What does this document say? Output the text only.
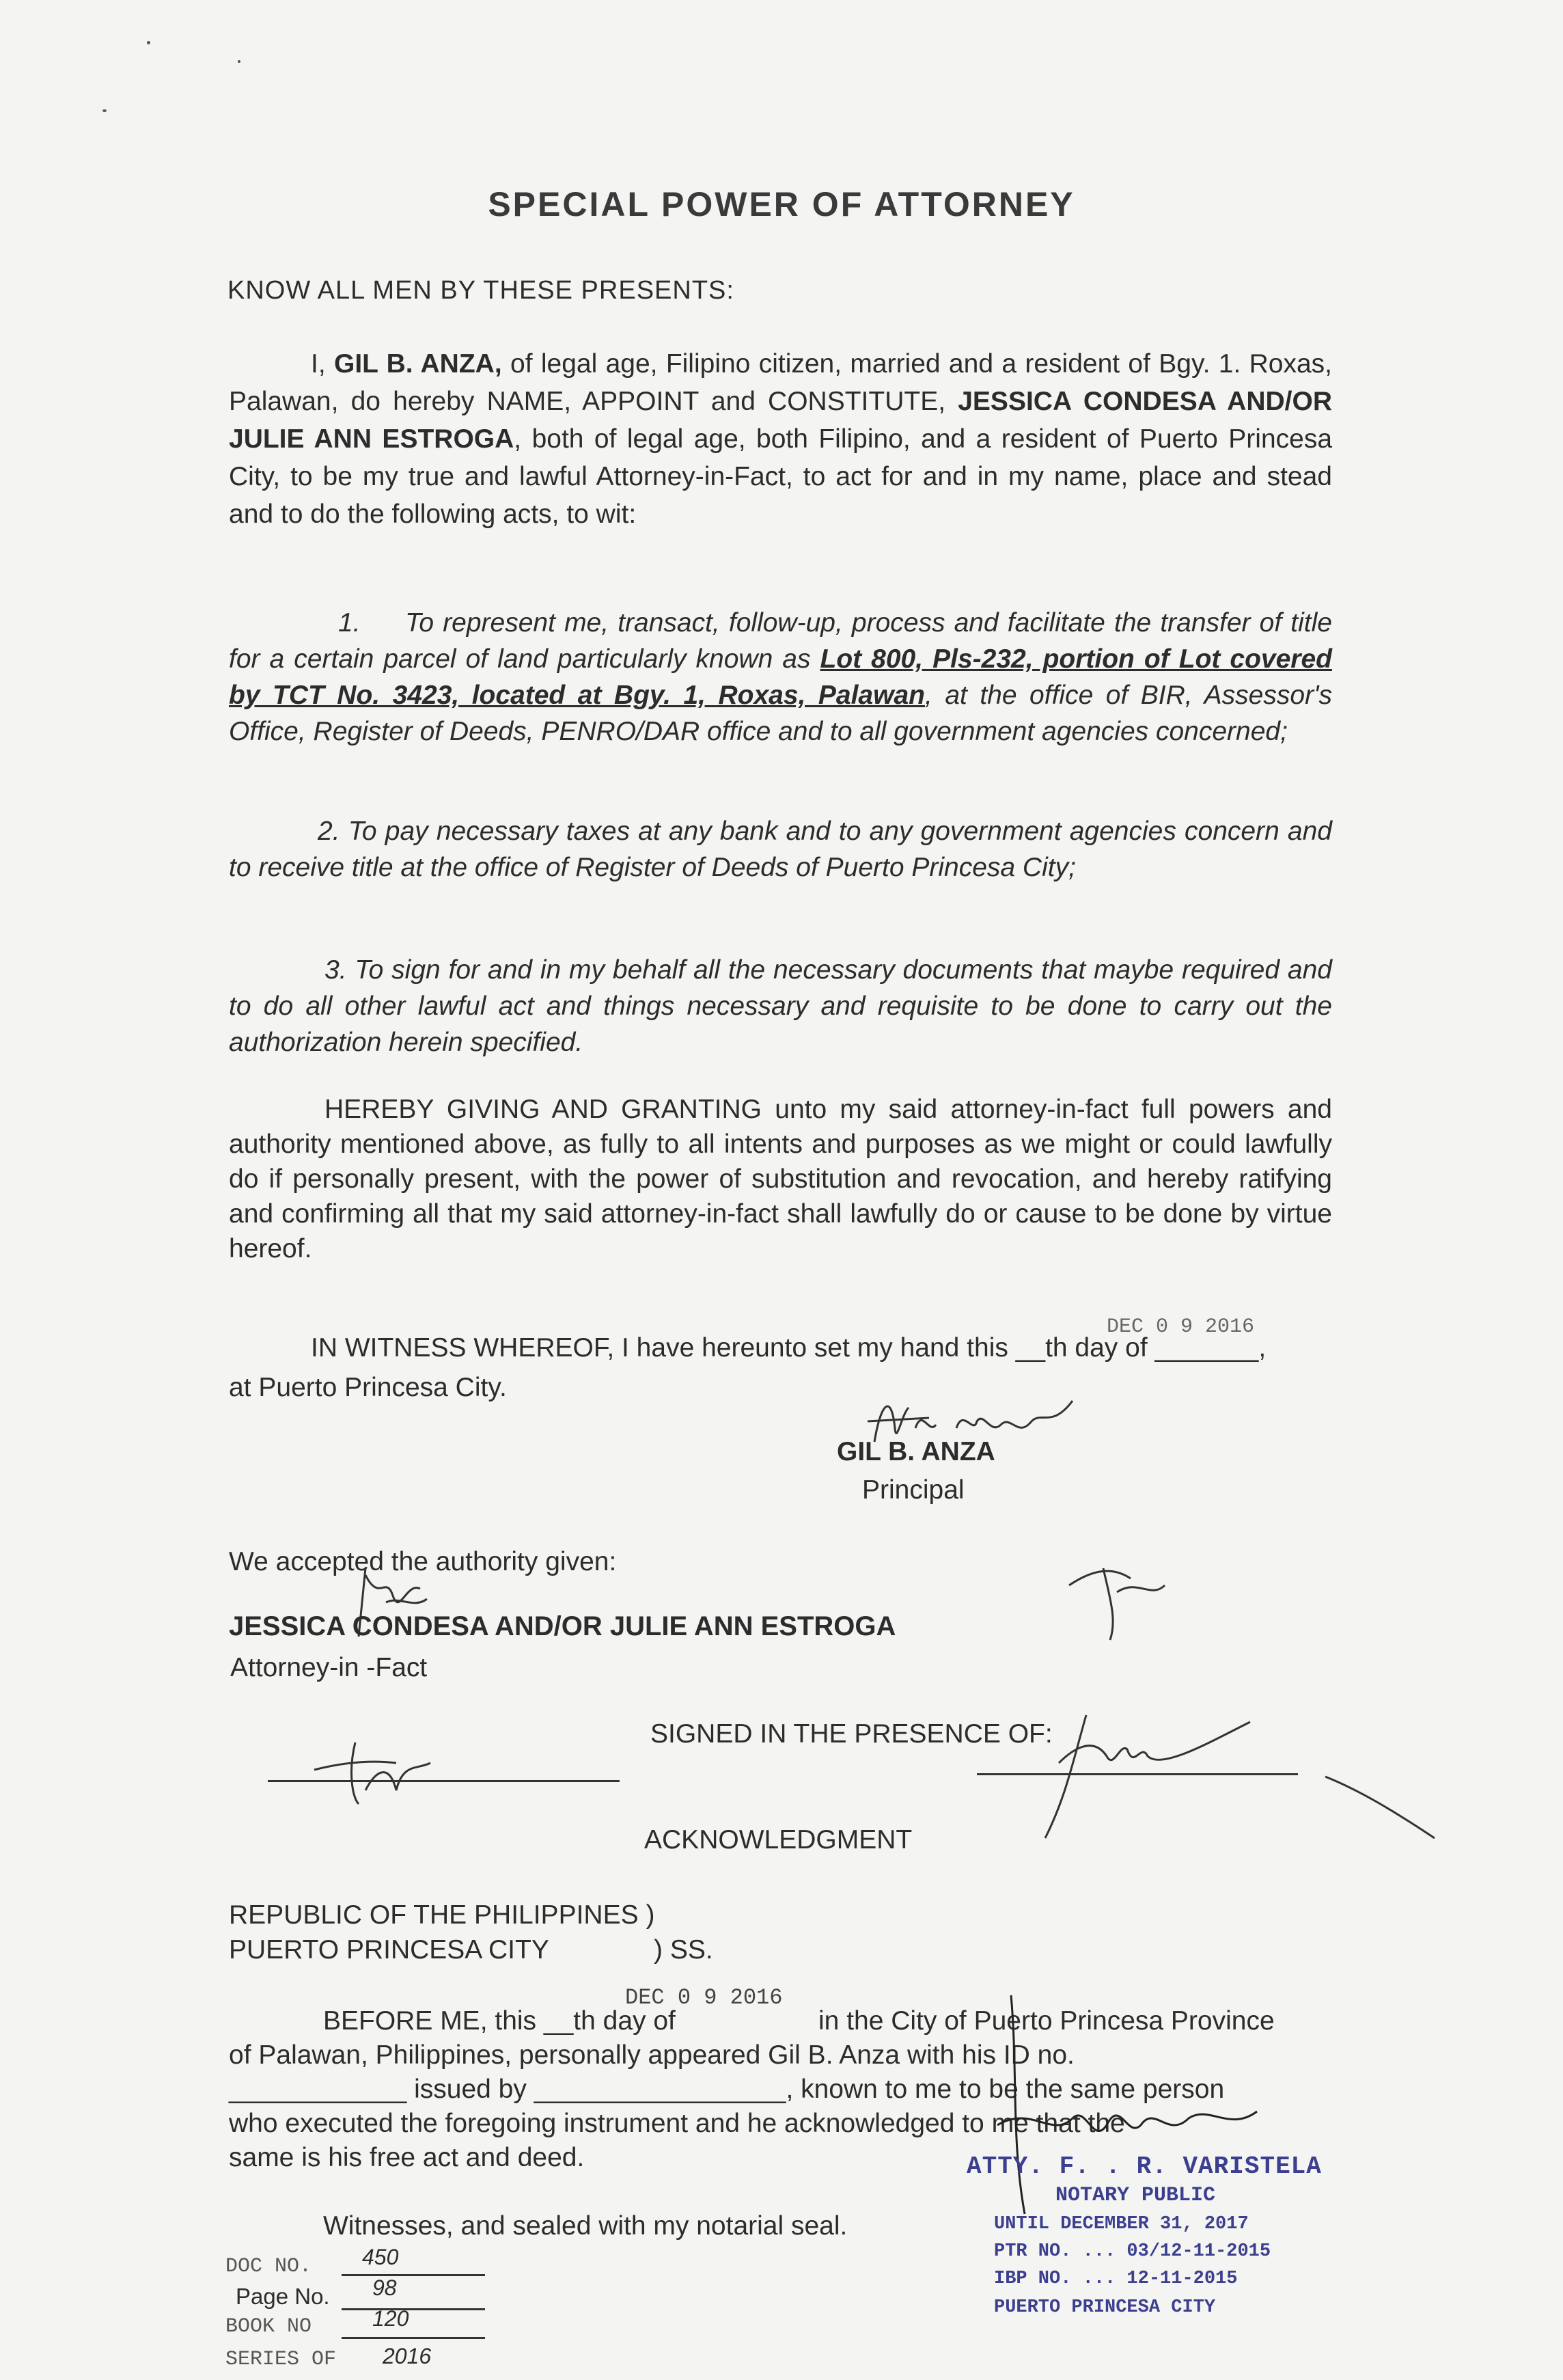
SPECIAL POWER OF ATTORNEY
KNOW ALL MEN BY THESE PRESENTS:
I, GIL B. ANZA, of legal age, Filipino citizen, married and a resident of Bgy. 1. Roxas, Palawan, do hereby NAME, APPOINT and CONSTITUTE, JESSICA CONDESA AND/OR JULIE ANN ESTROGA, both of legal age, both Filipino, and a resident of Puerto Princesa City, to be my true and lawful Attorney-in-Fact, to act for and in my name, place and stead and to do the following acts, to wit:
1. To represent me, transact, follow-up, process and facilitate the transfer of title for a certain parcel of land particularly known as Lot 800, Pls-232, portion of Lot covered by TCT No. 3423, located at Bgy. 1, Roxas, Palawan, at the office of BIR, Assessor's Office, Register of Deeds, PENRO/DAR office and to all government agencies concerned;
2. To pay necessary taxes at any bank and to any government agencies concern and to receive title at the office of Register of Deeds of Puerto Princesa City;
3. To sign for and in my behalf all the necessary documents that maybe required and to do all other lawful act and things necessary and requisite to be done to carry out the authorization herein specified.
HEREBY GIVING AND GRANTING unto my said attorney-in-fact full powers and authority mentioned above, as fully to all intents and purposes as we might or could lawfully do if personally present, with the power of substitution and revocation, and hereby ratifying and confirming all that my said attorney-in-fact shall lawfully do or cause to be done by virtue hereof.
IN WITNESS WHEREOF, I have hereunto set my hand this __th day of _______,
at Puerto Princesa City.
DEC 0 9 2016
GIL B. ANZA
Principal
We accepted the authority given:
JESSICA CONDESA AND/OR JULIE ANN ESTROGA
Attorney-in -Fact
SIGNED IN THE PRESENCE OF:
ACKNOWLEDGMENT
REPUBLIC OF THE PHILIPPINES )
PUERTO PRINCESA CITY	) SS.
BEFORE ME, this __th day of
DEC 0 9 2016
in the City of Puerto Princesa Province
of Palawan, Philippines, personally appeared Gil B. Anza with his ID no.
____________ issued by _________________, known to me to be the same person
who executed the foregoing instrument and he acknowledged to me that the
same is his free act and deed.
Witnesses, and sealed with my notarial seal.
ATTY. F. . R. VARISTELA
NOTARY PUBLIC
UNTIL DECEMBER 31, 2017
PTR NO. ... 03/12-11-2015
IBP NO. ... 12-11-2015
PUERTO PRINCESA CITY
DOC NO. 450
Page No. 98
BOOK NO	120
SERIES OF 2016
